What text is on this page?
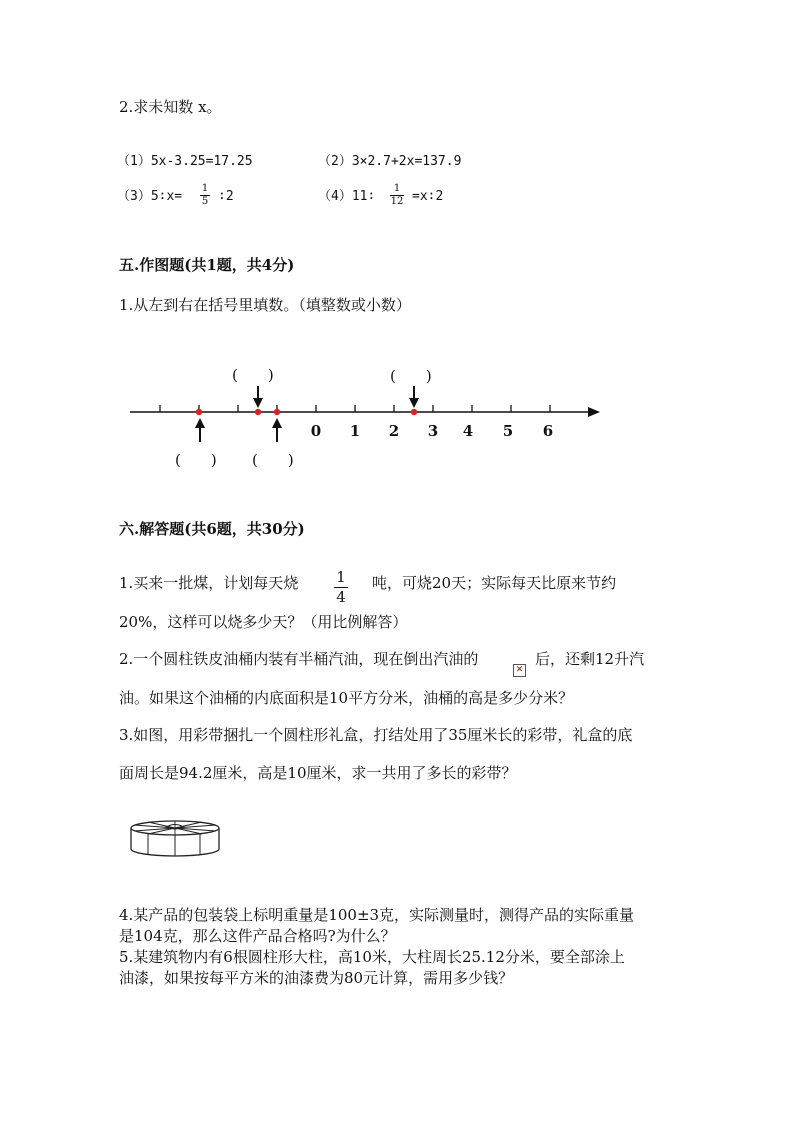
2.求未知数 x。
（1）5x-3.25=17.25	（2）3×2.7+2x=137.9
（3）5∶x=
1
5 ∶2	（4）11∶
1
12 =x∶2
五.作图题(共1题，共4分)
1.从左到右在括号里填数。（填整数或小数）
0 1 2 3 4 5 6
(　　)	(　　)
(　　) (　　)
六.解答题(共6题，共30分)
1.买来一批煤，计划每天烧	1
4
吨，可烧20天；实际每天比原来节约
20%，这样可以烧多少天？（用比例解答）
2.一个圆柱铁皮油桶内装有半桶汽油，现在倒出汽油的
✕
后，还剩12升汽
油。如果这个油桶的内底面积是10平方分米，油桶的高是多少分米？
3.如图，用彩带捆扎一个圆柱形礼盒，打结处用了35厘米长的彩带，礼盒的底
面周长是94.2厘米，高是10厘米，求一共用了多长的彩带？
4.某产品的包装袋上标明重量是100±3克，实际测量时，测得产品的实际重量
是104克，那么这件产品合格吗?为什么？
5.某建筑物内有6根圆柱形大柱，高10米，大柱周长25.12分米，要全部涂上
油漆，如果按每平方米的油漆费为80元计算，需用多少钱？
